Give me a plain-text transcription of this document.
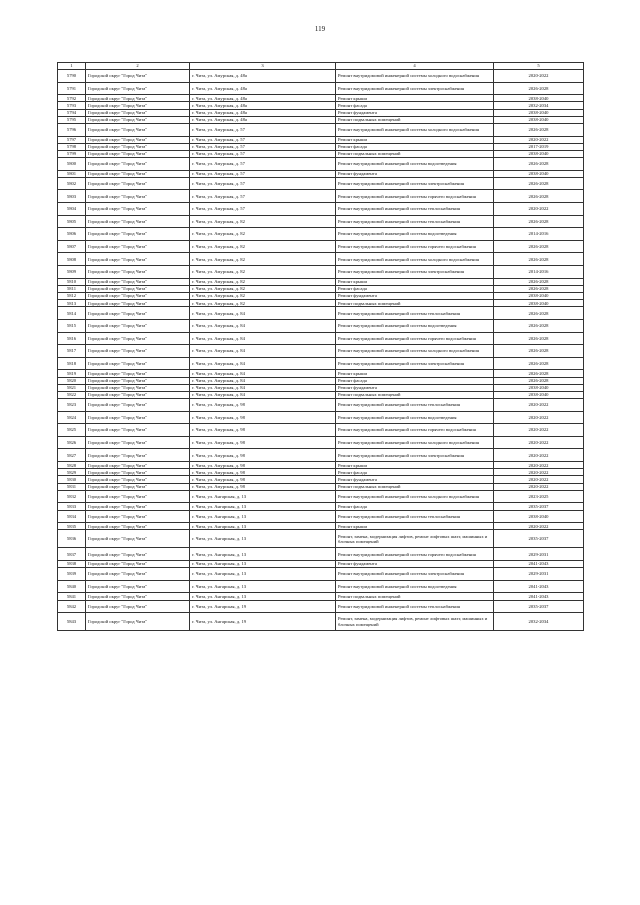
119
1	2	3	4	5
5790	Городской округ "Город Чита"	г. Чита, ул. Амурская, д. 48а	Ремонт внутридомовой инженерной системы холодного водоснабжения	2020-2022
5791	Городской округ "Город Чита"	г. Чита, ул. Амурская, д. 48а	Ремонт внутридомовой инженерной системы электроснабжения	2026-2028
5792	Городской округ "Город Чита"	г. Чита, ул. Амурская, д. 48а	Ремонт крыши	2038-2040
5793	Городской округ "Город Чита"	г. Чита, ул. Амурская, д. 48а	Ремонт фасада	2032-2034
5794	Городской округ "Город Чита"	г. Чита, ул. Амурская, д. 48а	Ремонт фундамента	2038-2040
5795	Городской округ "Город Чита"	г. Чита, ул. Амурская, д. 48а	Ремонт подвальных помещений	2038-2040
5796	Городской округ "Город Чита"	г. Чита, ул. Амурская, д. 57	Ремонт внутридомовой инженерной системы холодного водоснабжения	2026-2028
5797	Городской округ "Город Чита"	г. Чита, ул. Амурская, д. 57	Ремонт крыши	2020-2022
5798	Городской округ "Город Чита"	г. Чита, ул. Амурская, д. 57	Ремонт фасада	2017-2019
5799	Городской округ "Город Чита"	г. Чита, ул. Амурская, д. 57	Ремонт подвальных помещений	2038-2040
5800	Городской округ "Город Чита"	г. Чита, ул. Амурская, д. 57	Ремонт внутридомовой инженерной системы водоотведения	2026-2028
5801	Городской округ "Город Чита"	г. Чита, ул. Амурская, д. 57	Ремонт фундамента	2038-2040
5802	Городской округ "Город Чита"	г. Чита, ул. Амурская, д. 57	Ремонт внутридомовой инженерной системы электроснабжения	2026-2028
5803	Городской округ "Город Чита"	г. Чита, ул. Амурская, д. 57	Ремонт внутридомовой инженерной системы горячего водоснабжения	2026-2028
5804	Городской округ "Город Чита"	г. Чита, ул. Амурская, д. 57	Ремонт внутридомовой инженерной системы теплоснабжения	2020-2022
5805	Городской округ "Город Чита"	г. Чита, ул. Амурская, д. 82	Ремонт внутридомовой инженерной системы теплоснабжения	2026-2028
5806	Городской округ "Город Чита"	г. Чита, ул. Амурская, д. 82	Ремонт внутридомовой инженерной системы водоотведения	2014-2016
5807	Городской округ "Город Чита"	г. Чита, ул. Амурская, д. 82	Ремонт внутридомовой инженерной системы горячего водоснабжения	2026-2028
5808	Городской округ "Город Чита"	г. Чита, ул. Амурская, д. 82	Ремонт внутридомовой инженерной системы холодного водоснабжения	2026-2028
5809	Городской округ "Город Чита"	г. Чита, ул. Амурская, д. 82	Ремонт внутридомовой инженерной системы электроснабжения	2014-2016
5810	Городской округ "Город Чита"	г. Чита, ул. Амурская, д. 82	Ремонт крыши	2026-2028
5811	Городской округ "Город Чита"	г. Чита, ул. Амурская, д. 82	Ремонт фасада	2026-2028
5812	Городской округ "Город Чита"	г. Чита, ул. Амурская, д. 82	Ремонт фундамента	2038-2040
5813	Городской округ "Город Чита"	г. Чита, ул. Амурская, д. 82	Ремонт подвальных помещений	2038-2040
5814	Городской округ "Город Чита"	г. Чита, ул. Амурская, д. 84	Ремонт внутридомовой инженерной системы теплоснабжения	2026-2028
5815	Городской округ "Город Чита"	г. Чита, ул. Амурская, д. 84	Ремонт внутридомовой инженерной системы водоотведения	2026-2028
5816	Городской округ "Город Чита"	г. Чита, ул. Амурская, д. 84	Ремонт внутридомовой инженерной системы горячего водоснабжения	2026-2028
5817	Городской округ "Город Чита"	г. Чита, ул. Амурская, д. 84	Ремонт внутридомовой инженерной системы холодного водоснабжения	2026-2028
5818	Городской округ "Город Чита"	г. Чита, ул. Амурская, д. 84	Ремонт внутридомовой инженерной системы электроснабжения	2026-2028
5819	Городской округ "Город Чита"	г. Чита, ул. Амурская, д. 84	Ремонт крыши	2026-2028
5820	Городской округ "Город Чита"	г. Чита, ул. Амурская, д. 84	Ремонт фасада	2026-2028
5821	Городской округ "Город Чита"	г. Чита, ул. Амурская, д. 84	Ремонт фундамента	2038-2040
5822	Городской округ "Город Чита"	г. Чита, ул. Амурская, д. 84	Ремонт подвальных помещений	2038-2040
5823	Городской округ "Город Чита"	г. Чита, ул. Амурская, д. 98	Ремонт внутридомовой инженерной системы теплоснабжения	2020-2022
5824	Городской округ "Город Чита"	г. Чита, ул. Амурская, д. 98	Ремонт внутридомовой инженерной системы водоотведения	2020-2022
5825	Городской округ "Город Чита"	г. Чита, ул. Амурская, д. 98	Ремонт внутридомовой инженерной системы горячего водоснабжения	2020-2022
5826	Городской округ "Город Чита"	г. Чита, ул. Амурская, д. 98	Ремонт внутридомовой инженерной системы холодного водоснабжения	2020-2022
5827	Городской округ "Город Чита"	г. Чита, ул. Амурская, д. 98	Ремонт внутридомовой инженерной системы электроснабжения	2020-2022
5828	Городской округ "Город Чита"	г. Чита, ул. Амурская, д. 98	Ремонт крыши	2020-2022
5829	Городской округ "Город Чита"	г. Чита, ул. Амурская, д. 98	Ремонт фасада	2020-2022
5830	Городской округ "Город Чита"	г. Чита, ул. Амурская, д. 98	Ремонт фундамента	2020-2022
5831	Городской округ "Город Чита"	г. Чита, ул. Амурская, д. 98	Ремонт подвальных помещений	2020-2022
5832	Городской округ "Город Чита"	г. Чита, ул. Ангарская, д. 13	Ремонт внутридомовой инженерной системы холодного водоснабжения	2023-2025
5833	Городской округ "Город Чита"	г. Чита, ул. Ангарская, д. 13	Ремонт фасада	2035-2037
5834	Городской округ "Город Чита"	г. Чита, ул. Ангарская, д. 13	Ремонт внутридомовой инженерной системы теплоснабжения	2038-2040
5835	Городской округ "Город Чита"	г. Чита, ул. Ангарская, д. 13	Ремонт крыши	2020-2022
5836	Городской округ "Город Чита"	г. Чита, ул. Ангарская, д. 13	Ремонт, замена, модернизация лифтов, ремонт лифтовых шахт, машинных и блочных помещений	2035-2037
5837	Городской округ "Город Чита"	г. Чита, ул. Ангарская, д. 13	Ремонт внутридомовой инженерной системы горячего водоснабжения	2029-2031
5838	Городской округ "Город Чита"	г. Чита, ул. Ангарская, д. 13	Ремонт фундамента	2041-2043
5839	Городской округ "Город Чита"	г. Чита, ул. Ангарская, д. 13	Ремонт внутридомовой инженерной системы электроснабжения	2029-2031
5840	Городской округ "Город Чита"	г. Чита, ул. Ангарская, д. 13	Ремонт внутридомовой инженерной системы водоотведения	2041-2043
5841	Городской округ "Город Чита"	г. Чита, ул. Ангарская, д. 13	Ремонт подвальных помещений	2041-2043
5842	Городской округ "Город Чита"	г. Чита, ул. Ангарская, д. 19	Ремонт внутридомовой инженерной системы теплоснабжения	2035-2037
5843	Городской округ "Город Чита"	г. Чита, ул. Ангарская, д. 19	Ремонт, замена, модернизация лифтов, ремонт лифтовых шахт, машинных и блочных помещений	2032-2034
